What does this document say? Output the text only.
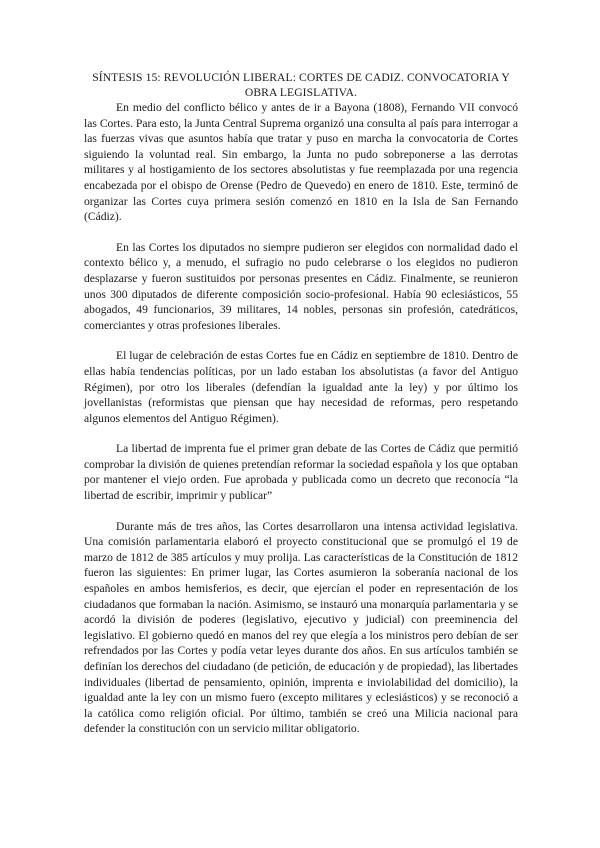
SÍNTESIS 15: REVOLUCIÓN LIBERAL: CORTES DE CADIZ. CONVOCATORIA Y OBRA LEGISLATIVA.

En medio del conflicto bélico y antes de ir a Bayona (1808), Fernando VII convocó las Cortes. Para esto, la Junta Central Suprema organizó una consulta al país para interrogar a las fuerzas vivas que asuntos había que tratar y puso en marcha la convocatoria de Cortes siguiendo la voluntad real. Sin embargo, la Junta no pudo sobreponerse a las derrotas militares y al hostigamiento de los sectores absolutistas y fue reemplazada por una regencia encabezada por el obispo de Orense (Pedro de Quevedo) en enero de 1810. Este, terminó de organizar las Cortes cuya primera sesión comenzó en 1810 en la Isla de San Fernando (Cádiz).

En las Cortes los diputados no siempre pudieron ser elegidos con normalidad dado el contexto bélico y, a menudo, el sufragio no pudo celebrarse o los elegidos no pudieron desplazarse y fueron sustituidos por personas presentes en Cádiz. Finalmente, se reunieron unos 300 diputados de diferente composición socio-profesional. Había 90 eclesiásticos, 55 abogados, 49 funcionarios, 39 militares, 14 nobles, personas sin profesión, catedráticos, comerciantes y otras profesiones liberales.

El lugar de celebración de estas Cortes fue en Cádiz en septiembre de 1810. Dentro de ellas había tendencias políticas, por un lado estaban los absolutistas (a favor del Antiguo Régimen), por otro los liberales (defendían la igualdad ante la ley) y por último los jovellanistas (reformistas que piensan que hay necesidad de reformas, pero respetando algunos elementos del Antiguo Régimen).

La libertad de imprenta fue el primer gran debate de las Cortes de Cádiz que permitió comprobar la división de quienes pretendían reformar la sociedad española y los que optaban por mantener el viejo orden. Fue aprobada y publicada como un decreto que reconocía “la libertad de escribir, imprimir y publicar”

Durante más de tres años, las Cortes desarrollaron una intensa actividad legislativa. Una comisión parlamentaria elaboró el proyecto constitucional que se promulgó el 19 de marzo de 1812 de 385 artículos y muy prolija. Las características de la Constitución de 1812 fueron las siguientes: En primer lugar, las Cortes asumieron la soberanía nacional de los españoles en ambos hemisferios, es decir, que ejercían el poder en representación de los ciudadanos que formaban la nación. Asimismo, se instauró una monarquía parlamentaria y se acordó la división de poderes (legislativo, ejecutivo y judicial) con preeminencia del legislativo. El gobierno quedó en manos del rey que elegía a los ministros pero debían de ser refrendados por las Cortes y podía vetar leyes durante dos años. En sus artículos también se definían los derechos del ciudadano (de petición, de educación y de propiedad), las libertades individuales (libertad de pensamiento, opinión, imprenta e inviolabilidad del domicilio), la igualdad ante la ley con un mismo fuero (excepto militares y eclesiásticos) y se reconoció a la católica como religión oficial. Por último, también se creó una Milicia nacional para defender la constitución con un servicio militar obligatorio.
